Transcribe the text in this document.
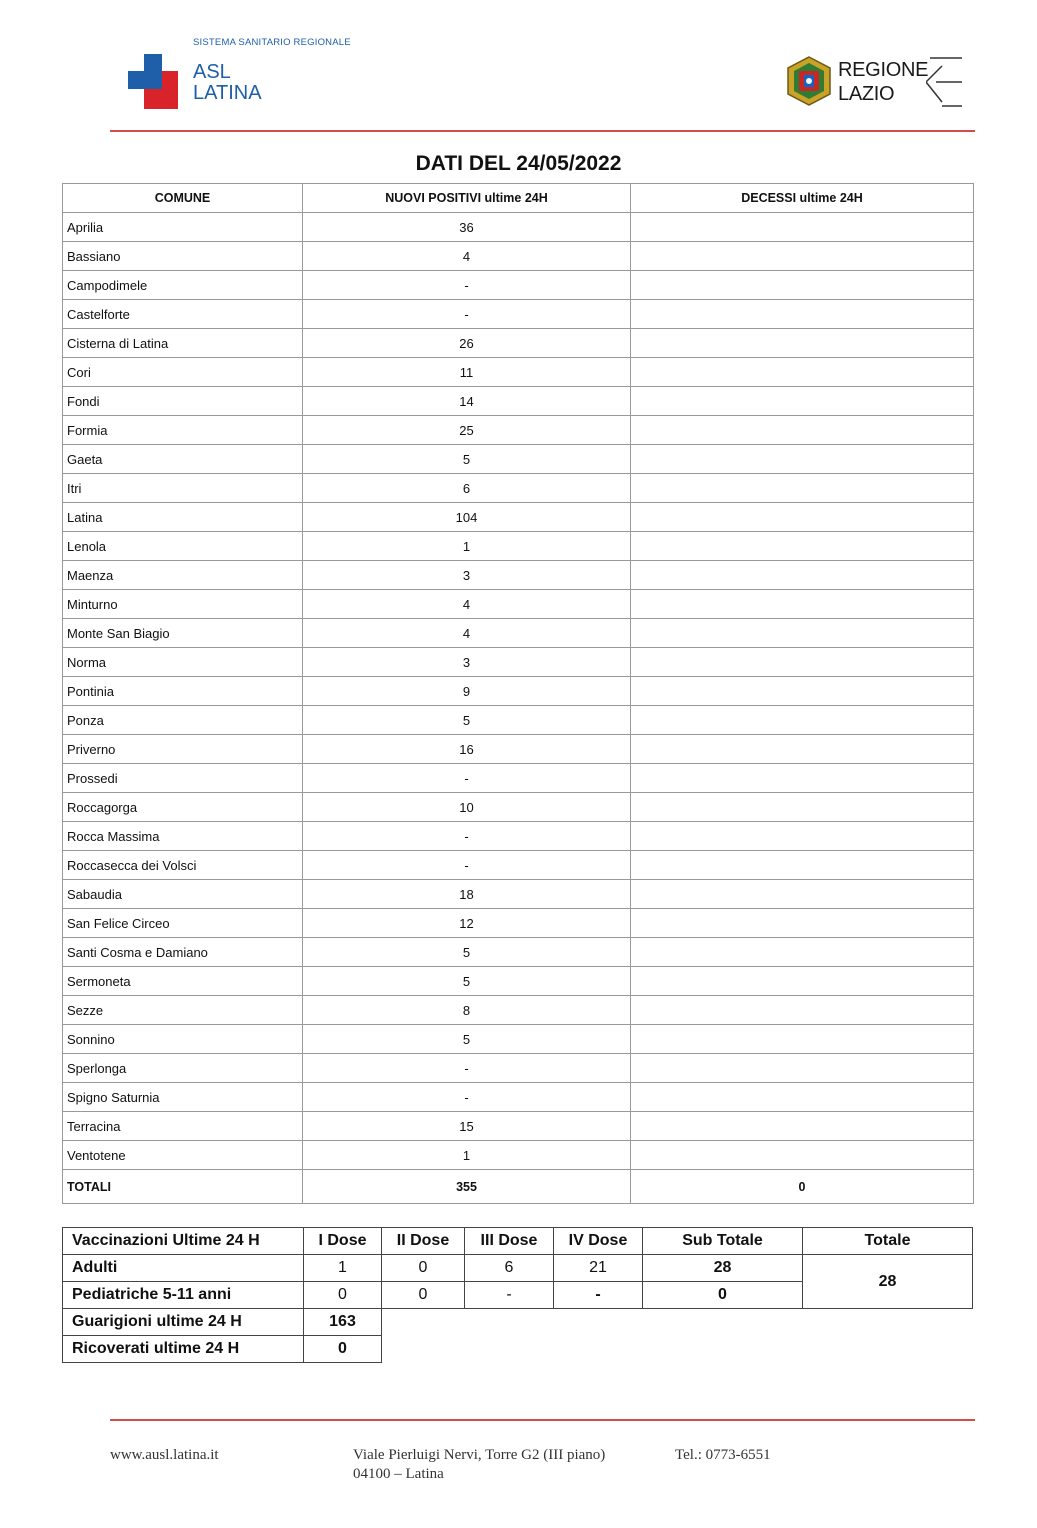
SISTEMA SANITARIO REGIONALE
ASL
LATINA
REGIONE
LAZIO
DATI DEL 24/05/2022
COMUNE	NUOVI POSITIVI ultime 24H	DECESSI ultime 24H
Aprilia	36	
Bassiano	4	
Campodimele	-	
Castelforte	-	
Cisterna di Latina	26	
Cori	11	
Fondi	14	
Formia	25	
Gaeta	5	
Itri	6	
Latina	104	
Lenola	1	
Maenza	3	
Minturno	4	
Monte San Biagio	4	
Norma	3	
Pontinia	9	
Ponza	5	
Priverno	16	
Prossedi	-	
Roccagorga	10	
Rocca Massima	-	
Roccasecca dei Volsci	-	
Sabaudia	18	
San Felice Circeo	12	
Santi Cosma e Damiano	5	
Sermoneta	5	
Sezze	8	
Sonnino	5	
Sperlonga	-	
Spigno Saturnia	-	
Terracina	15	
Ventotene	1	
TOTALI	355	0
Vaccinazioni Ultime 24 H	I Dose	II Dose	III Dose	IV Dose	Sub Totale	Totale
Adulti	1	0	6	21	28	28
Pediatriche 5-11 anni	0	0	-	-	0	
Guarigioni ultime 24 H	163					
Ricoverati ultime 24 H	0					
www.ausl.latina.it	Viale Pierluigi Nervi, Torre G2 (III piano)
04100 – Latina
Tel.: 0773-6551
